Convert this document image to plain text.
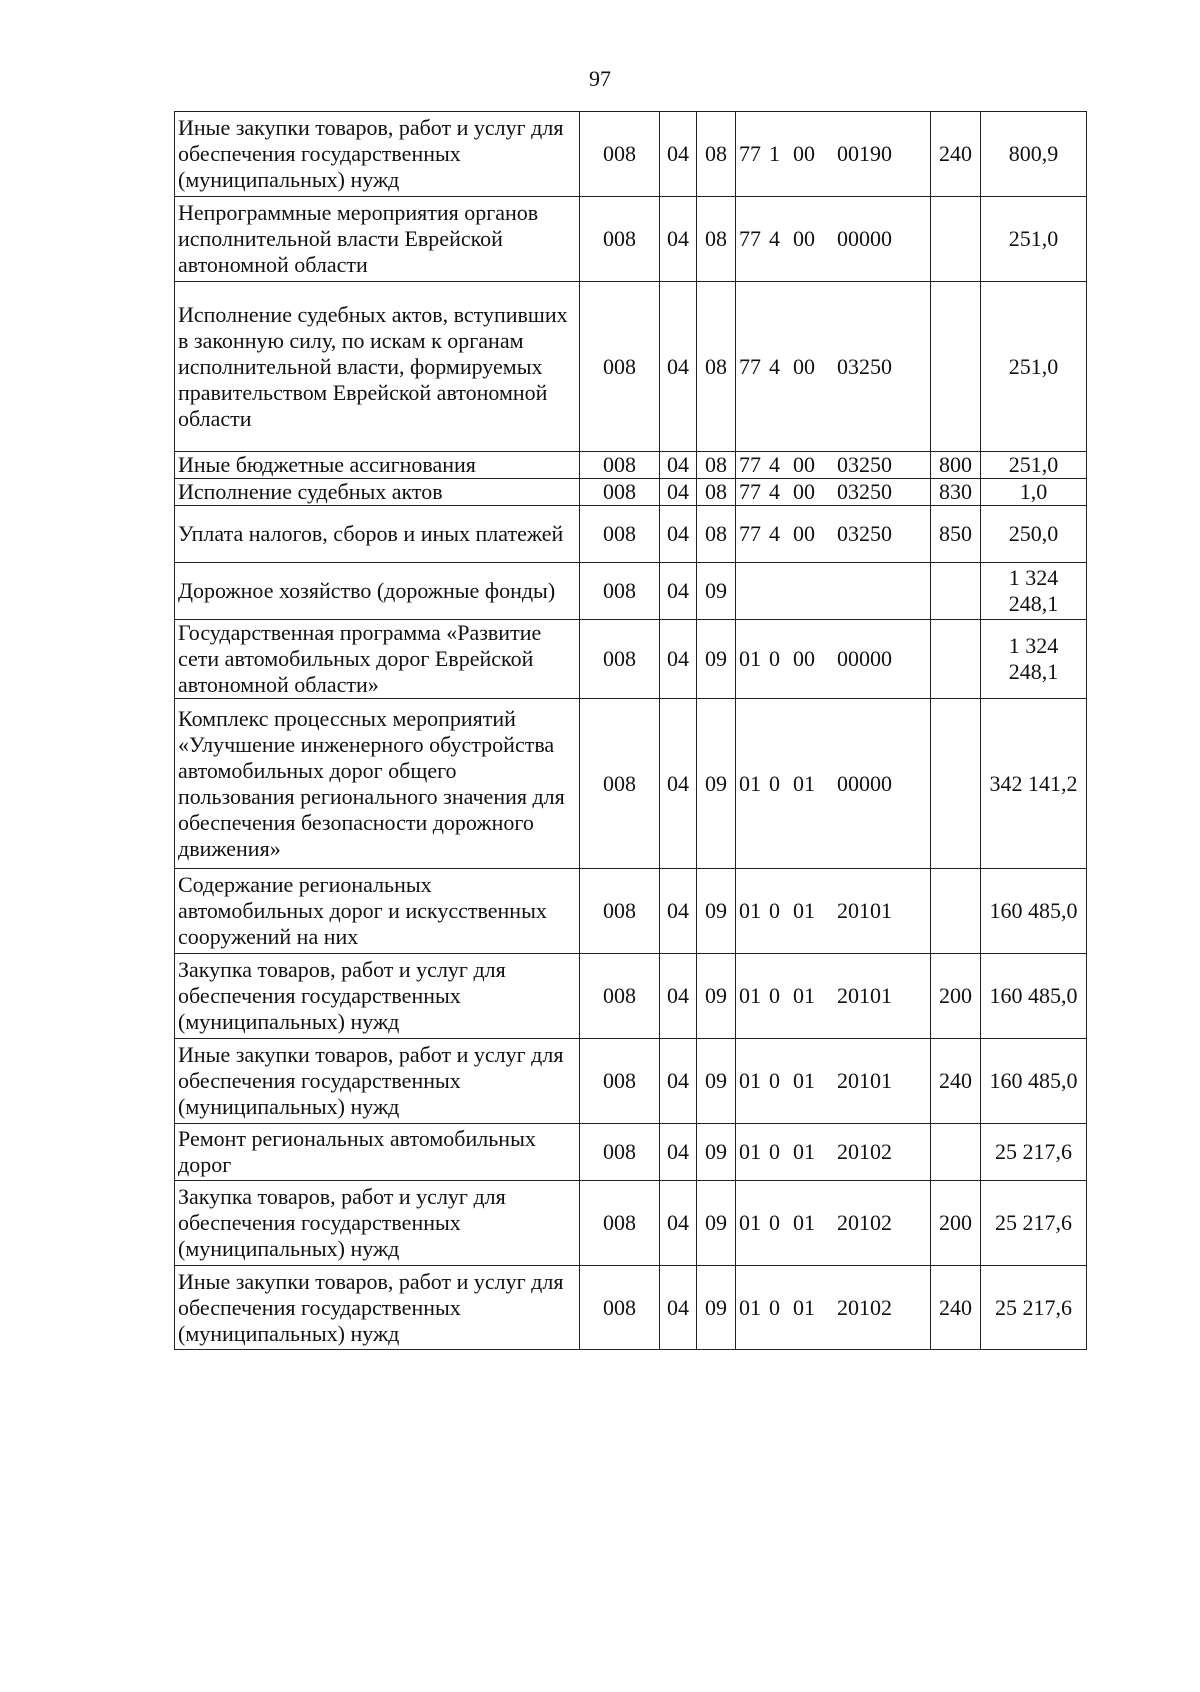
97
Иные закупки товаров, работ и услуг для обеспечения государственных (муниципальных) нужд	008	04	08	77 1 00 00190	240	800,9
Непрограммные мероприятия органов исполнительной власти Еврейской автономной области	008	04	08	77 4 00 00000		251,0
Исполнение судебных актов, вступивших в законную силу, по искам к органам исполнительной власти, формируемых правительством Еврейской автономной области	008	04	08	77 4 00 03250		251,0
Иные бюджетные ассигнования	008	04	08	77 4 00 03250	800	251,0
Исполнение судебных актов	008	04	08	77 4 00 03250	830	1,0
Уплата налогов, сборов и иных платежей	008	04	08	77 4 00 03250	850	250,0
Дорожное хозяйство (дорожные фонды)	008	04	09			1 324 248,1
Государственная программа «Развитие сети автомобильных дорог Еврейской автономной области»	008	04	09	01 0 00 00000		1 324 248,1
Комплекс процессных мероприятий «Улучшение инженерного обустройства автомобильных дорог общего пользования регионального значения для обеспечения безопасности дорожного движения»	008	04	09	01 0 01 00000		342 141,2
Содержание региональных автомобильных дорог и искусственных сооружений на них	008	04	09	01 0 01 20101		160 485,0
Закупка товаров, работ и услуг для обеспечения государственных (муниципальных) нужд	008	04	09	01 0 01 20101	200	160 485,0
Иные закупки товаров, работ и услуг для обеспечения государственных (муниципальных) нужд	008	04	09	01 0 01 20101	240	160 485,0
Ремонт региональных автомобильных дорог	008	04	09	01 0 01 20102		25 217,6
Закупка товаров, работ и услуг для обеспечения государственных (муниципальных) нужд	008	04	09	01 0 01 20102	200	25 217,6
Иные закупки товаров, работ и услуг для обеспечения государственных (муниципальных) нужд	008	04	09	01 0 01 20102	240	25 217,6
